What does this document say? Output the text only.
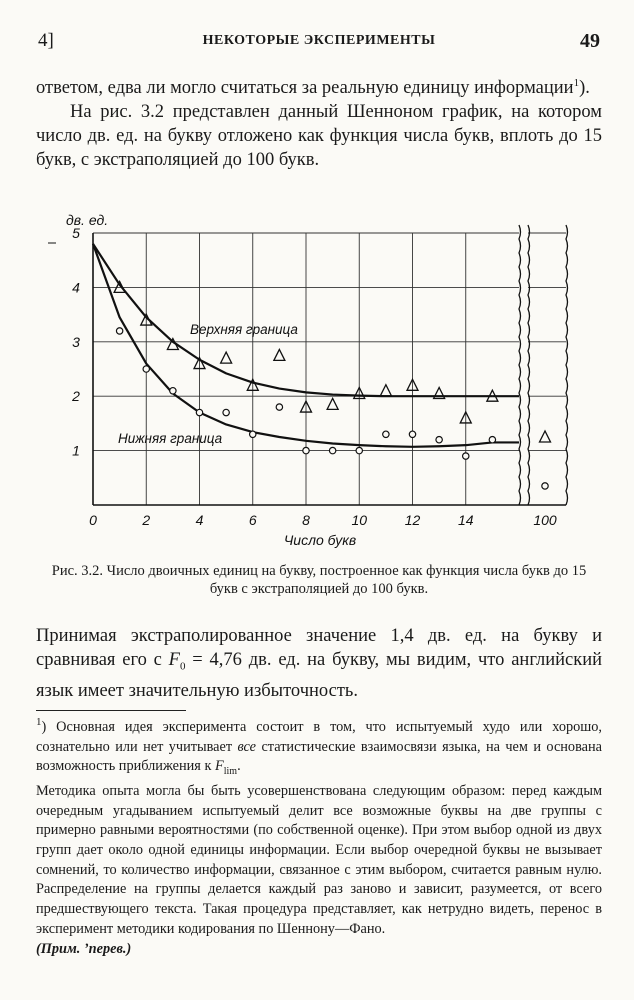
4]	НЕКОТОРЫЕ ЭКСПЕРИМЕНТЫ	49

ответом, едва ли могло считаться за реальную единицу информации$^1$).

На рис. 3.2 представлен данный Шенноном график, на котором число дв. ед. на букву отложено как функция числа букв, вплоть до 15 букв, с экстраполяцией до 100 букв.

1
2
3
4
5
0	2	4	6	8	10	12	14	100
дв. ед.
Число букв
Верхняя граница
Нижняя граница
Рис. 3.2. Число двоичных единиц на букву, построенное как функция числа букв до 15 букв с экстраполяцией до 100 букв.

Принимая экстраполированное значение 1,4 дв. ед. на букву и сравнивая его с $F_0 = 4,76$ дв. ед. на букву, мы видим, что английский язык имеет значительную избыточность.

$^1$) Основная идея эксперимента состоит в том, что испытуемый худо или хорошо, сознательно или нет учитывает все статистические взаимосвязи языка, на чем и основана возможность приближения к $F_{lim}$.

Методика опыта могла бы быть усовершенствована следующим образом: перед каждым очередным угадыванием испытуемый делит все возможные буквы на две группы с примерно равными вероятностями (по собственной оценке). При этом выбор одной из двух групп дает около одной единицы информации. Если выбор очередной буквы не вызывает сомнений, то количество информации, связанное с этим выбором, считается равным нулю. Распределение на группы делается каждый раз заново и зависит, разумеется, от всего предшествующего текста. Такая процедура представляет, как нетрудно видеть, перенос в эксперимент методики кодирования по Шеннону—Фано.

(Прим. ’перев.)
